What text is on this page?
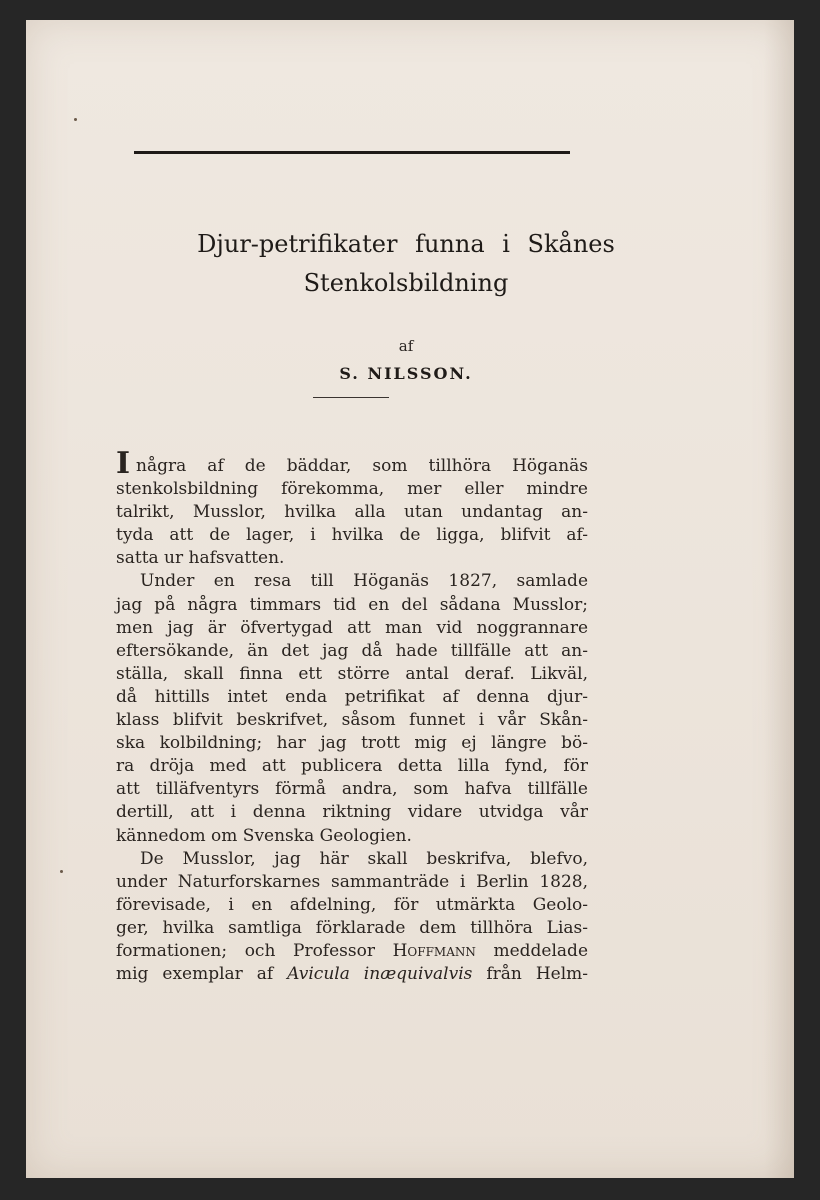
Djur-petrifikater funna i Skånes
Stenkolsbildning
af
S. NILSSON.

Inågra af de bäddar, som tillhöra Höganäs
stenkolsbildning förekomma, mer eller mindre
talrikt, Musslor, hvilka alla utan undantag an-
tyda att de lager, i hvilka de ligga, blifvit af-
satta ur hafsvatten.

Under en resa till Höganäs 1827, samlade
jag på några timmars tid en del sådana Musslor;
men jag är öfvertygad att man vid noggrannare
eftersökande, än det jag då hade tillfälle att an-
ställa, skall finna ett större antal deraf. Likväl,
då hittills intet enda petrifikat af denna djur-
klass blifvit beskrifvet, såsom funnet i vår Skån-
ska kolbildning; har jag trott mig ej längre bö-
ra dröja med att publicera detta lilla fynd, för
att tilläfventyrs förmå andra, som hafva tillfälle
dertill, att i denna riktning vidare utvidga vår
kännedom om Svenska Geologien.

De Musslor, jag här skall beskrifva, blefvo,
under Naturforskarnes sammanträde i Berlin 1828,
förevisade, i en afdelning, för utmärkta Geolo-
ger, hvilka samtliga förklarade dem tillhöra Lias-
formationen; och Professor Hoffmann meddelade
mig exemplar af Avicula inæquivalvis från Helm-
